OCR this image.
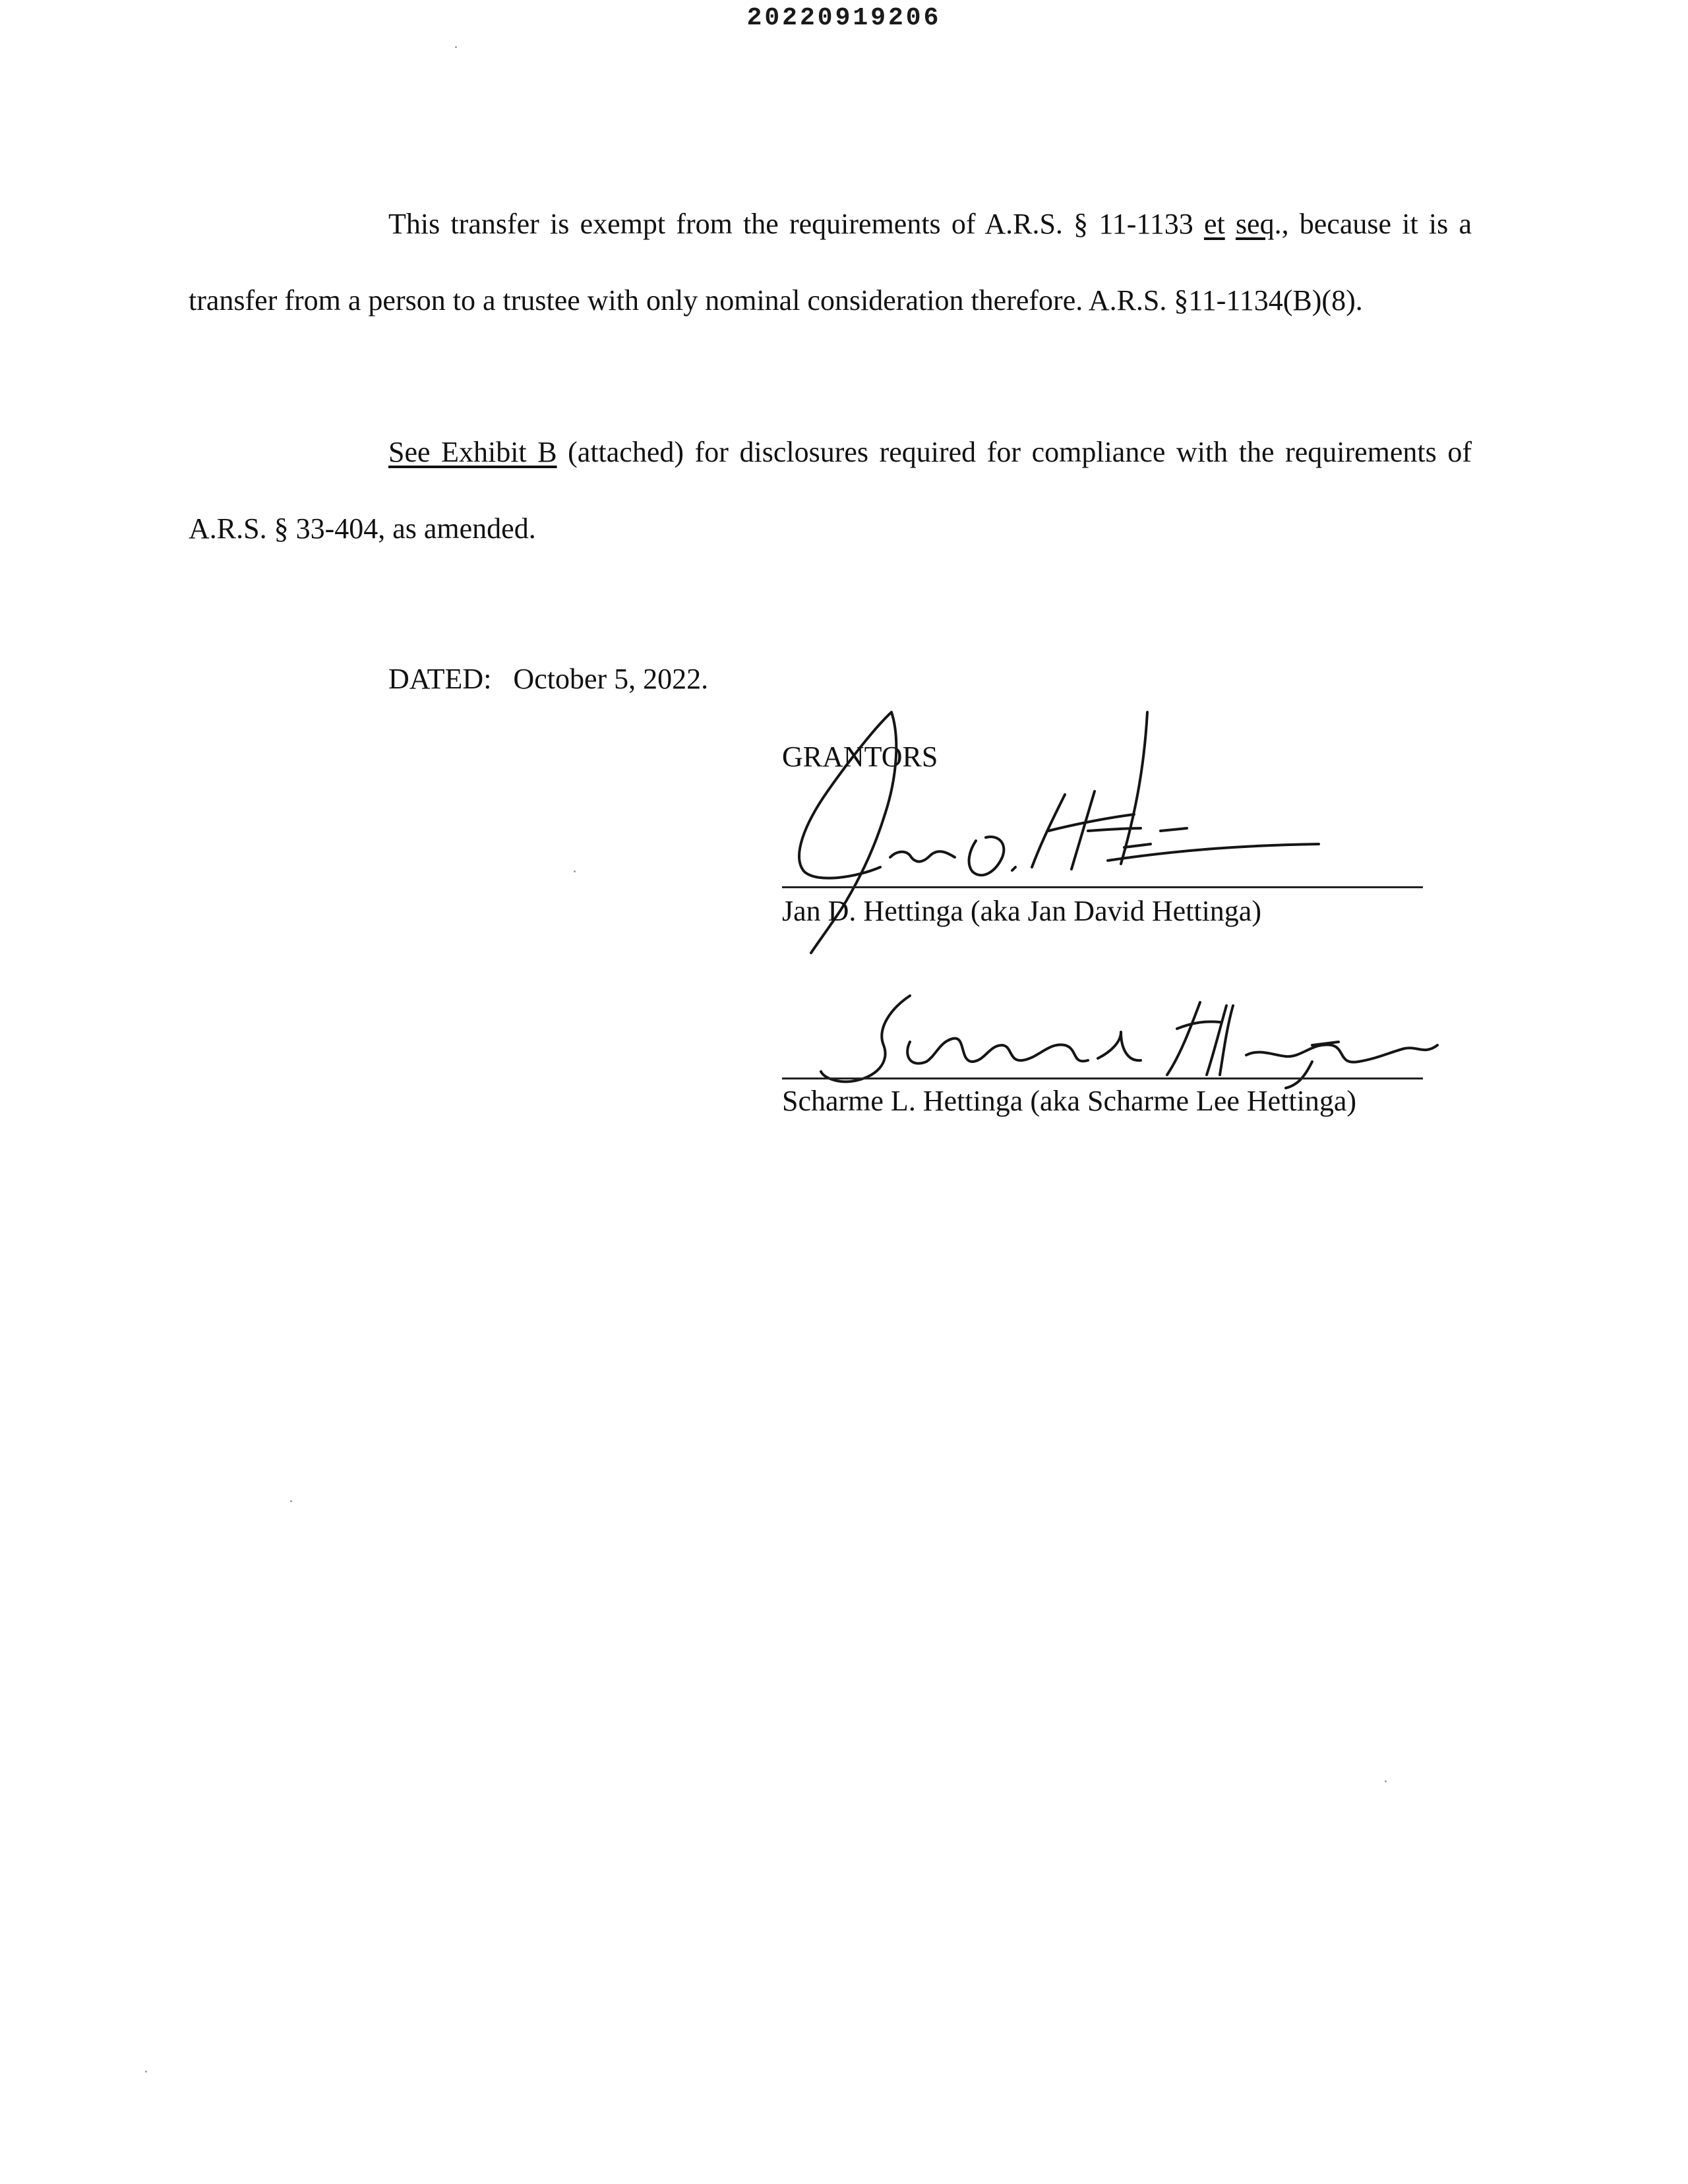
20220919206

This transfer is exempt from the requirements of A.R.S. § 11-1133 et seq., because it is a transfer from a person to a trustee with only nominal consideration therefore. A.R.S. §11-1134(B)(8).

See Exhibit B (attached) for disclosures required for compliance with the requirements of A.R.S. § 33-404, as amended.

DATED:   October 5, 2022.
GRANTORS
Jan D. Hettinga (aka Jan David Hettinga)
Scharme L. Hettinga (aka Scharme Lee Hettinga)
